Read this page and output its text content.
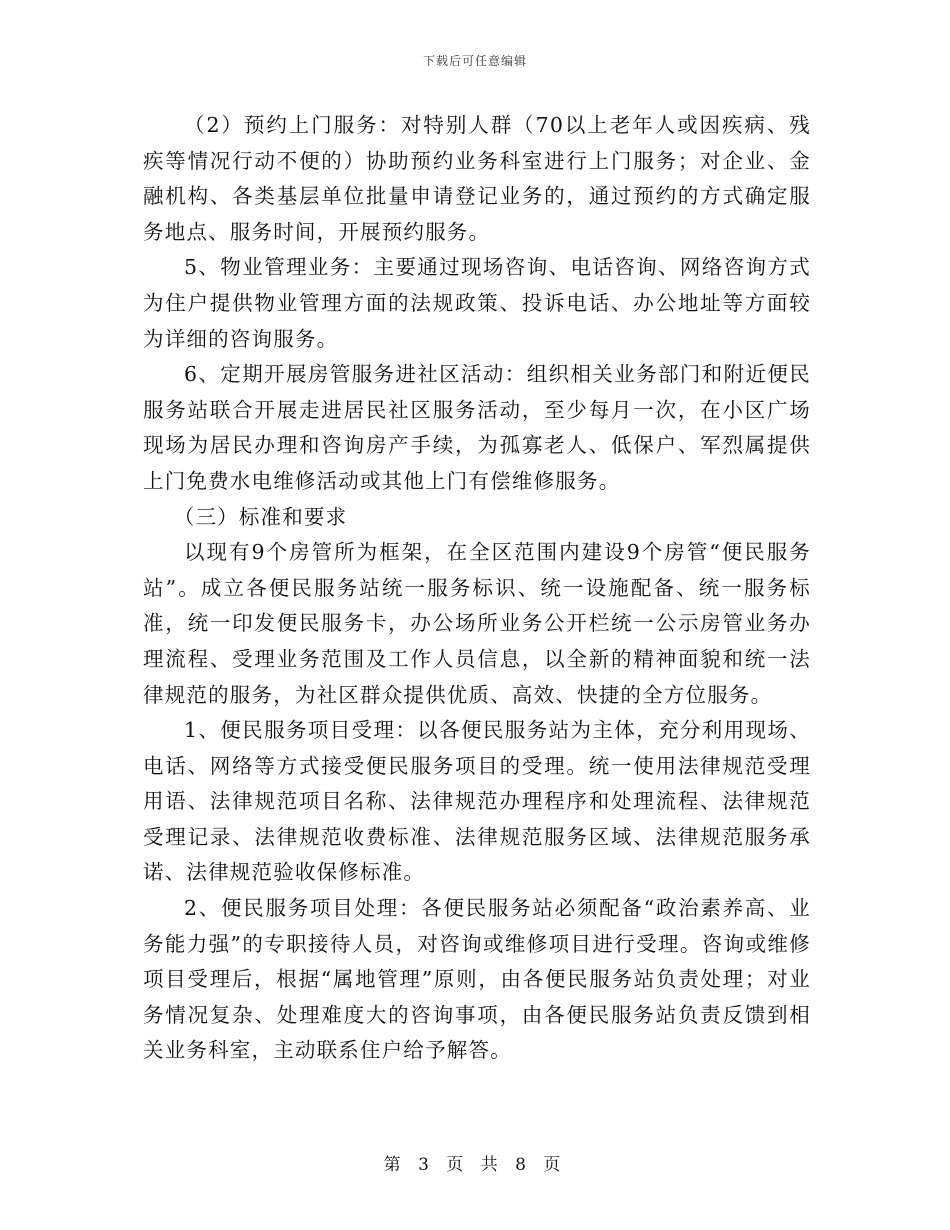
下载后可任意编辑

（2）预约上门服务：对特别人群（70以上老年人或因疾病、残疾等情况行动不便的）协助预约业务科室进行上门服务；对企业、金融机构、各类基层单位批量申请登记业务的，通过预约的方式确定服务地点、服务时间，开展预约服务。

5、物业管理业务：主要通过现场咨询、电话咨询、网络咨询方式为住户提供物业管理方面的法规政策、投诉电话、办公地址等方面较为详细的咨询服务。

6、定期开展房管服务进社区活动：组织相关业务部门和附近便民服务站联合开展走进居民社区服务活动，至少每月一次，在小区广场现场为居民办理和咨询房产手续，为孤寡老人、低保户、军烈属提供上门免费水电维修活动或其他上门有偿维修服务。

（三）标准和要求

以现有9个房管所为框架，在全区范围内建设9个房管“便民服务站”。成立各便民服务站统一服务标识、统一设施配备、统一服务标准，统一印发便民服务卡，办公场所业务公开栏统一公示房管业务办理流程、受理业务范围及工作人员信息，以全新的精神面貌和统一法律规范的服务，为社区群众提供优质、高效、快捷的全方位服务。

1、便民服务项目受理：以各便民服务站为主体，充分利用现场、电话、网络等方式接受便民服务项目的受理。统一使用法律规范受理用语、法律规范项目名称、法律规范办理程序和处理流程、法律规范受理记录、法律规范收费标准、法律规范服务区域、法律规范服务承诺、法律规范验收保修标准。

2、便民服务项目处理：各便民服务站必须配备“政治素养高、业务能力强”的专职接待人员，对咨询或维修项目进行受理。咨询或维修项目受理后，根据“属地管理”原则，由各便民服务站负责处理；对业务情况复杂、处理难度大的咨询事项，由各便民服务站负责反馈到相关业务科室，主动联系住户给予解答。

第 3 页 共 8 页
